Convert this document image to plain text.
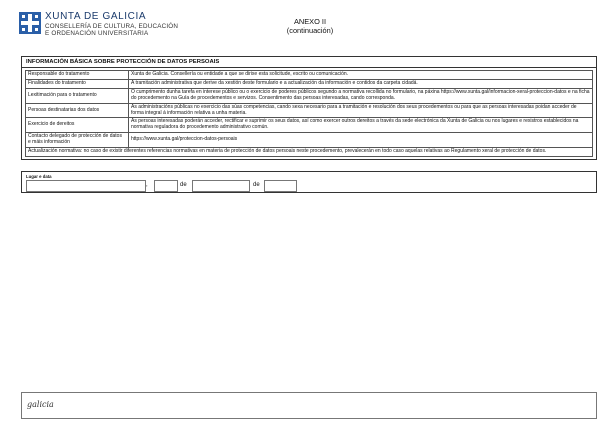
XUNTA DE GALICIA
CONSELLERÍA DE CULTURA, EDUCACIÓN
E ORDENACIÓN UNIVERSITARIA
ANEXO II
(continuación)
INFORMACIÓN BÁSICA SOBRE PROTECCIÓN DE DATOS PERSOAIS
Responsable do tratamento	Xunta de Galicia. Consellería ou entidade a que se dirixe esta solicitude, escrito ou comunicación.
Finalidades do tratamento	A tramitación administrativa que derive da xestión deste formulario e a actualización da información e contidos da carpeta cidadá.
Lexitimación para o tratamento	O cumprimento dunha tarefa en interese público ou o exercicio de poderes públicos segundo a normativa recollida no formulario, na páxina https://www.xunta.gal/informacion-xeral-proteccion-datos e na ficha do procedemento na Guía de procedementos e servizos. Consentimento das persoas interesadas, cando corresponda.
Persoas destinatarias dos datos	As administracións públicas no exercicio das súas competencias, cando sexa necesario para a tramitación e resolución dos seus procedementos ou para que as persoas interesadas poidan acceder de forma integral á información relativa a unha materia.
Exercicio de dereitos	As persoas interesadas poderán acceder, rectificar e suprimir os seus datos, así como exercer outros dereitos a través da sede electrónica da Xunta de Galicia ou nos lugares e rexistros establecidos na normativa reguladora do procedemento administrativo común.
Contacto delegado de protección de datos e máis información	https://www.xunta.gal/proteccion-datos-persoais
Actualización normativa: no caso de existir diferentes referencias normativas en materia de protección de datos persoais neste procedemento, prevalecerán en todo caso aquelas relativas ao Regulamento xeral de protección de datos.	
Lugar e data
,	de	de
galicia
